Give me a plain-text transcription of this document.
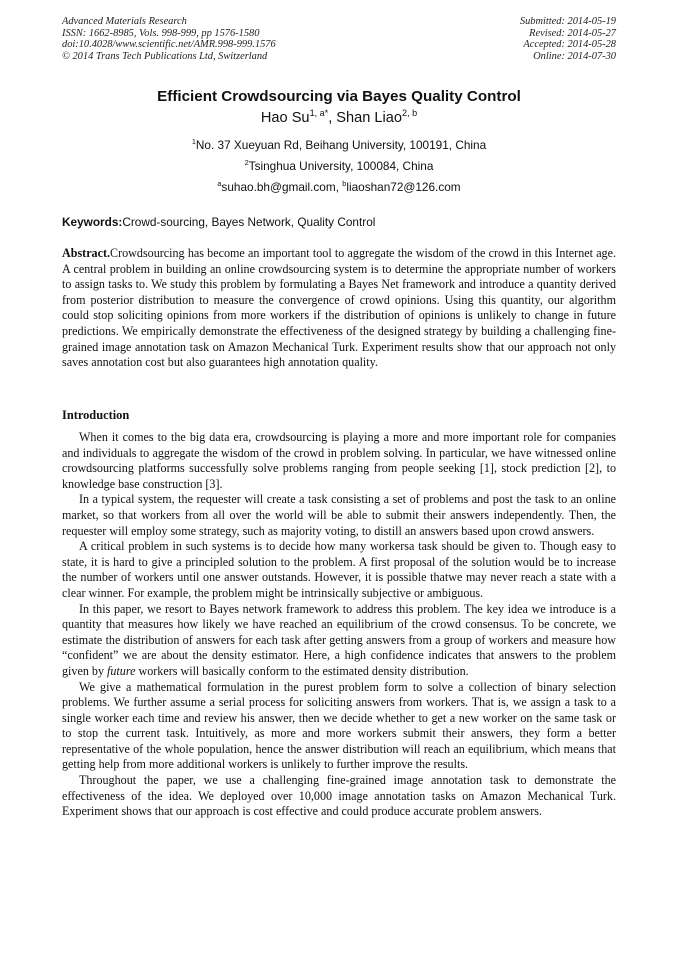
Advanced Materials Research
ISSN: 1662-8985, Vols. 998-999, pp 1576-1580
doi:10.4028/www.scientific.net/AMR.998-999.1576
© 2014 Trans Tech Publications Ltd, Switzerland
Submitted: 2014-05-19
Revised: 2014-05-27
Accepted: 2014-05-28
Online: 2014-07-30
Efficient Crowdsourcing via Bayes Quality Control
Hao $Su^{1, a*}$, Shan Liao$^{2, b}$
$^1$No. 37 Xueyuan Rd, Beihang University, 100191, China
$^2$Tsinghua University, 100084, China
$^a$suhao.bh@gmail.com, $^b$liaoshan72@126.com
Keywords:Crowd-sourcing, Bayes Network, Quality Control

Abstract.Crowdsourcing has become an important tool to aggregate the wisdom of the crowd in this Internet age. A central problem in building an online crowdsourcing system is to determine the appropriate number of workers to assign tasks to. We study this problem by formulating a Bayes Net framework and introduce a quantity derived from posterior distribution to measure the convergence of crowd opinions. Using this quantity, our algorithm could stop soliciting opinions from more workers if the distribution of opinions is unlikely to change in future predictions. We empirically demonstrate the effectiveness of the designed strategy by building a challenging fine-grained image annotation task on Amazon Mechanical Turk. Experiment results show that our approach not only saves annotation cost but also guarantees high annotation quality.

Introduction

When it comes to the big data era, crowdsourcing is playing a more and more important role for companies and individuals to aggregate the wisdom of the crowd in problem solving. In particular, we have witnessed online crowdsourcing platforms successfully solve problems ranging from people seeking [1], stock prediction [2], to knowledge base construction [3].

In a typical system, the requester will create a task consisting a set of problems and post the task to an online market, so that workers from all over the world will be able to submit their answers independently. Then, the requester will employ some strategy, such as majority voting, to distill an answers based upon crowd answers.

A critical problem in such systems is to decide how many workersa task should be given to. Though easy to state, it is hard to give a principled solution to the problem. A first proposal of the solution would be to increase the number of workers until one answer outstands. However, it is possible thatwe may never reach a state with a clear winner. For example, the problem might be intrinsically subjective or ambiguous.

In this paper, we resort to Bayes network framework to address this problem. The key idea we introduce is a quantity that measures how likely we have reached an equilibrium of the crowd consensus. To be concrete, we estimate the distribution of answers for each task after getting answers from a group of workers and measure how “confident” we are about the density estimator. Here, a high confidence indicates that answers to the problem given by future workers will basically conform to the estimated density distribution.

We give a mathematical formulation in the purest problem form to solve a collection of binary selection problems. We further assume a serial process for soliciting answers from workers. That is, we assign a task to a single worker each time and review his answer, then we decide whether to get a new worker on the same task or to stop the current task. Intuitively, as more and more workers submit their answers, they form a better representative of the whole population, hence the answer distribution will reach an equilibrium, which means that getting help from more additional workers is unlikely to further improve the results.

Throughout the paper, we use a challenging fine-grained image annotation task to demonstrate the effectiveness of the idea. We deployed over 10,000 image annotation tasks on Amazon Mechanical Turk. Experiment shows that our approach is cost effective and could produce accurate problem answers.
